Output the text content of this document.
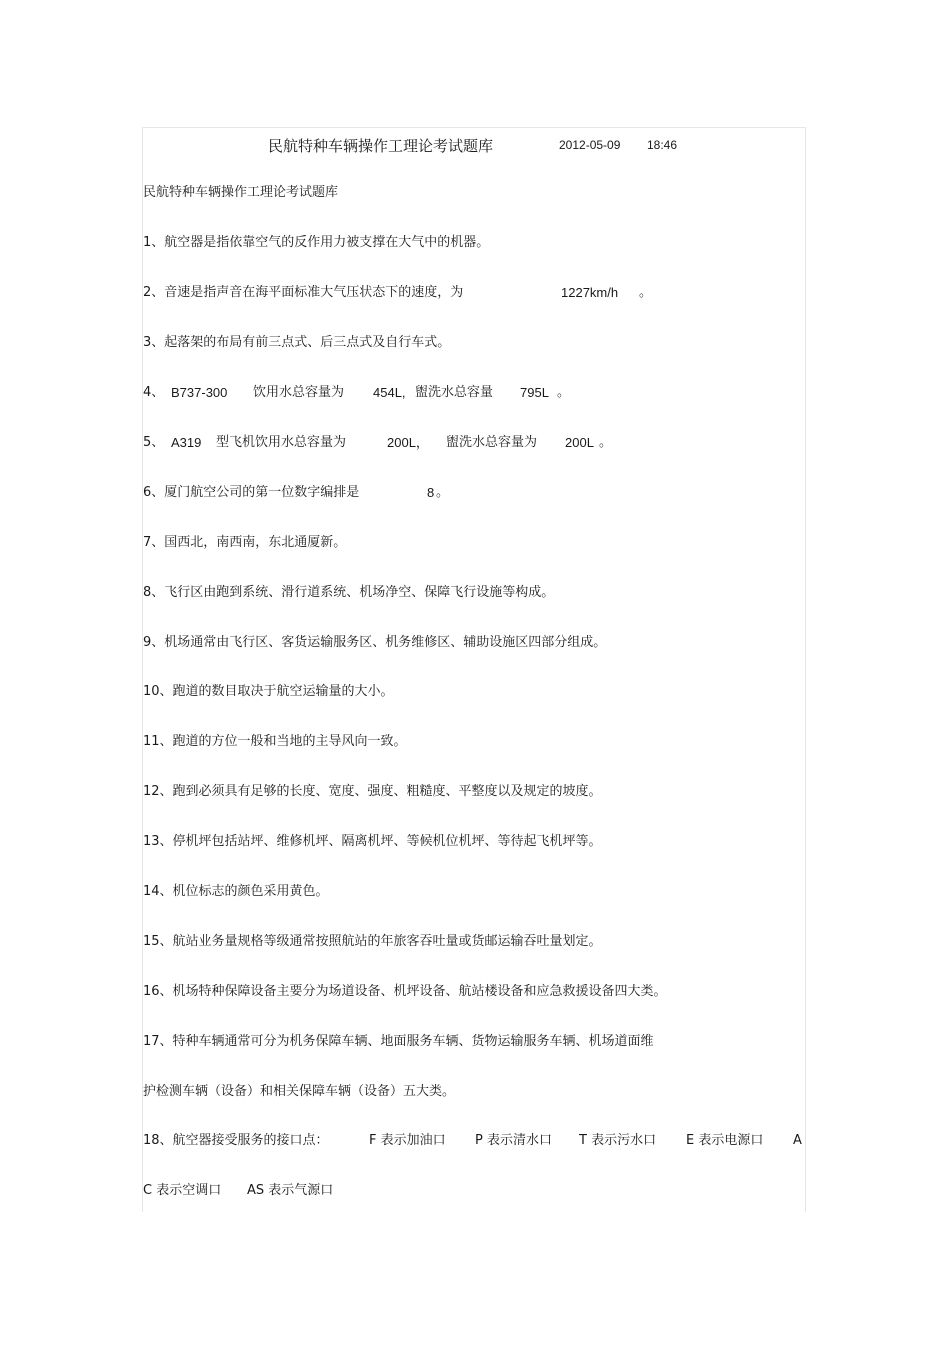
民航特种车辆操作工理论考试题库	2012-05-09 18:46
民航特种车辆操作工理论考试题库
1、航空器是指依靠空气的反作用力被支撑在大气中的机器。
2、音速是指声音在海平面标准大气压状态下的速度，为	1227km/h 。
3、起落架的布局有前三点式、后三点式及自行车式。
4、 B737-300 饮用水总容量为 454L, 盥洗水总容量 795L 。
5、 A319 型飞机饮用水总容量为	200L， 盥洗水总容量为 200L 。
6、厦门航空公司的第一位数字编排是	8 。
7、国西北，南西南，东北通厦新。
8、飞行区由跑到系统、滑行道系统、机场净空、保障飞行设施等构成。
9、机场通常由飞行区、客货运输服务区、机务维修区、辅助设施区四部分组成。
10、跑道的数目取决于航空运输量的大小。
11、跑道的方位一般和当地的主导风向一致。
12、跑到必须具有足够的长度、宽度、强度、粗糙度、平整度以及规定的坡度。
13、停机坪包括站坪、维修机坪、隔离机坪、等候机位机坪、等待起飞机坪等。
14、机位标志的颜色采用黄色。
15、航站业务量规格等级通常按照航站的年旅客吞吐量或货邮运输吞吐量划定。
16、机场特种保障设备主要分为场道设备、机坪设备、航站楼设备和应急救援设备四大类。
17、特种车辆通常可分为机务保障车辆、地面服务车辆、货物运输服务车辆、机场道面维
护检测车辆（设备）和相关保障车辆（设备）五大类。
18、航空器接受服务的接口点：	F 表示加油口 P 表示清水口 T 表示污水口 E 表示电源口 A
C 表示空调口 AS 表示气源口
